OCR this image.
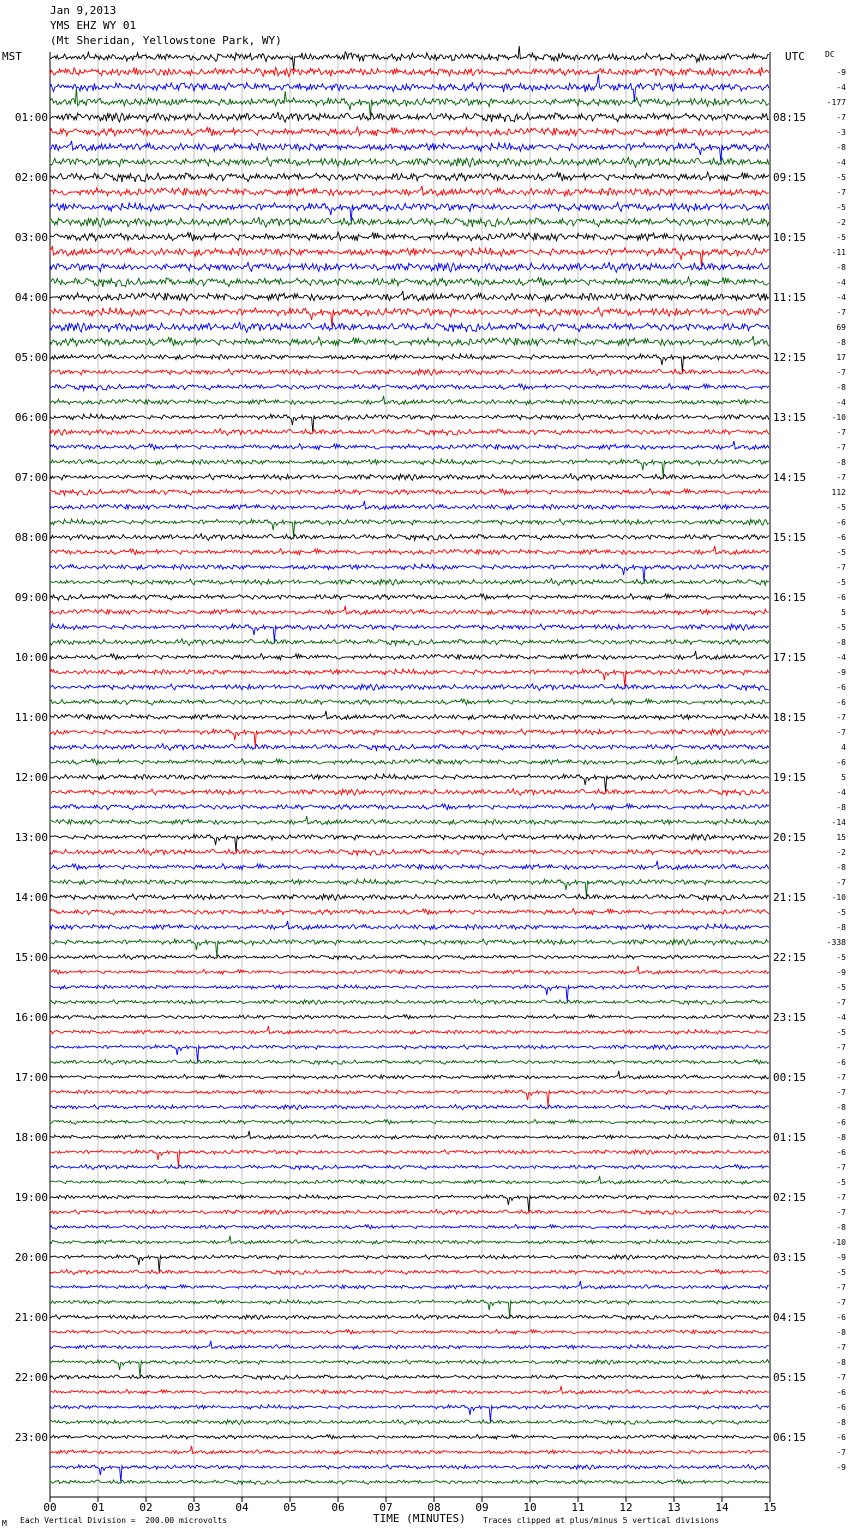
Jan 9,2013
YMS EHZ WY 01
(Mt Sheridan, Yellowstone Park, WY)
MST	UTC	DC
00	01	02	03	04	05	06	07	08	09	10	11	12	13	14	15
-9
-4
-177
-7
-3
-8
-4
-5
-7
-5
-2
-5
-11
-8
-4
-4
-7
69
-8
17
-7
-8
-4
-10
-7
-7
-8
-7
112
-5
-6
-6
-5
-7
-5
-6
5
-5
-8
-4
-9
-6
-6
-7
-7
4
-6
5
-4
-8
-14
15
-2
-8
-7
-10
-5
-8
-338
-5
-9
-5
-7
-4
-5
-7
-6
-7
-7
-8
-6
-8
-6
-7
-5
-7
-7
-8
-10
-9
-5
-7
-7
-6
-8
-7
-8
-7
-6
-6
-8
-6
-7
-9
01:00
02:00
03:00
04:00
05:00
06:00
07:00
08:00
09:00
10:00
11:00
12:00
13:00
14:00
15:00
16:00
17:00
18:00
19:00
20:00
21:00
22:00
23:00
08:15
09:15
10:15
11:15
12:15
13:15
14:15
15:15
16:15
17:15
18:15
19:15
20:15
21:15
22:15
23:15
00:15
01:15
02:15
03:15
04:15
05:15
06:15
M Each Vertical Division =  200.00 microvolts	TIME (MINUTES) Traces clipped at plus/minus 5 vertical divisions
